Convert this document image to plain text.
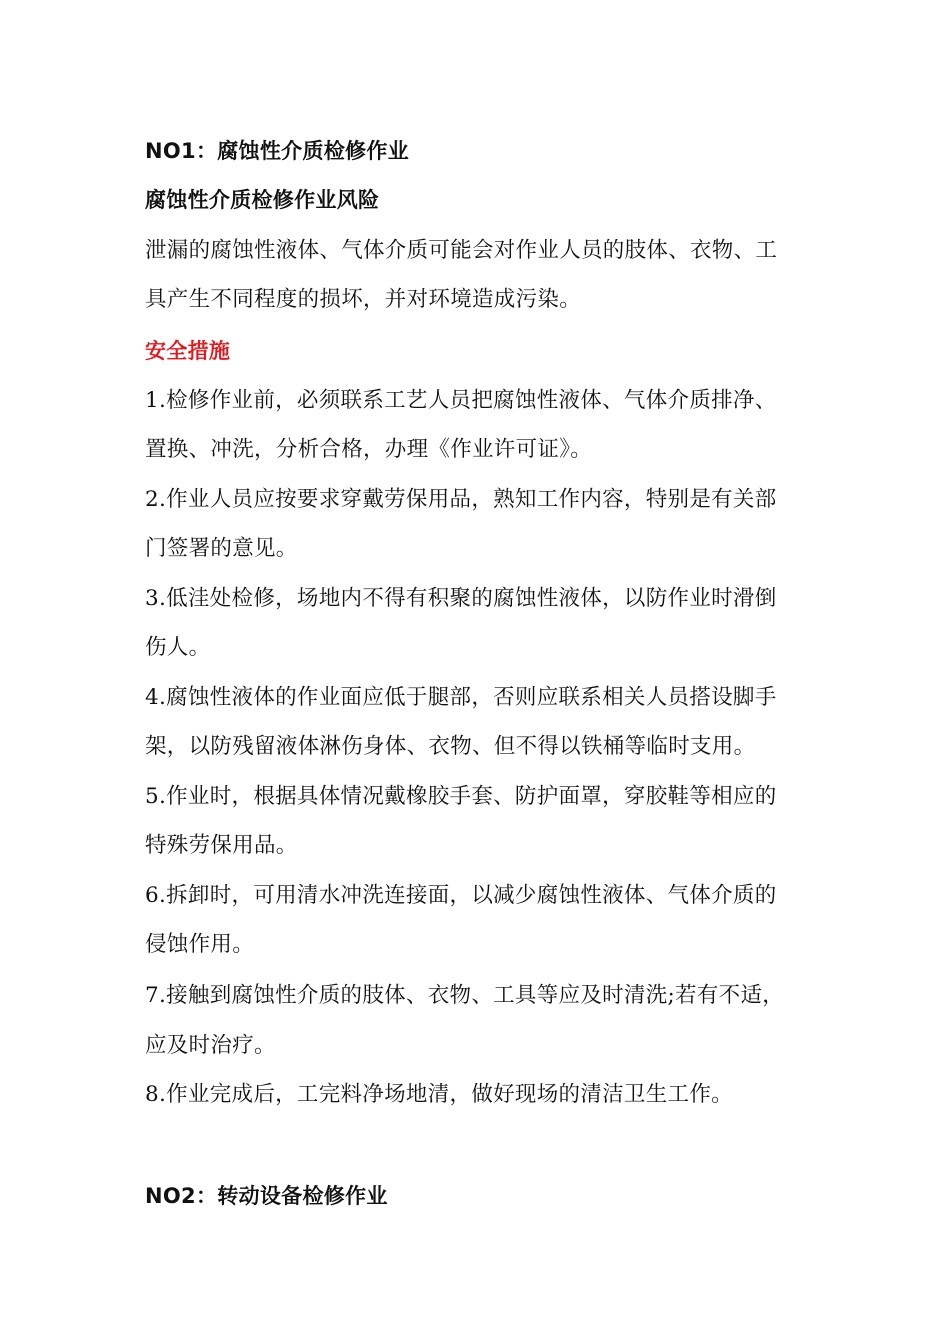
NO1：腐蚀性介质检修作业
腐蚀性介质检修作业风险
泄漏的腐蚀性液体、气体介质可能会对作业人员的肢体、衣物、工
具产生不同程度的损坏，并对环境造成污染。
安全措施
1.检修作业前，必须联系工艺人员把腐蚀性液体、气体介质排净、
置换、冲洗，分析合格，办理《作业许可证》。
2.作业人员应按要求穿戴劳保用品，熟知工作内容，特别是有关部
门签署的意见。
3.低洼处检修，场地内不得有积聚的腐蚀性液体，以防作业时滑倒
伤人。
4.腐蚀性液体的作业面应低于腿部，否则应联系相关人员搭设脚手
架，以防残留液体淋伤身体、衣物、但不得以铁桶等临时支用。
5.作业时，根据具体情况戴橡胶手套、防护面罩，穿胶鞋等相应的
特殊劳保用品。
6.拆卸时，可用清水冲洗连接面，以减少腐蚀性液体、气体介质的
侵蚀作用。
7.接触到腐蚀性介质的肢体、衣物、工具等应及时清洗;若有不适，
应及时治疗。
8.作业完成后，工完料净场地清，做好现场的清洁卫生工作。
NO2：转动设备检修作业
